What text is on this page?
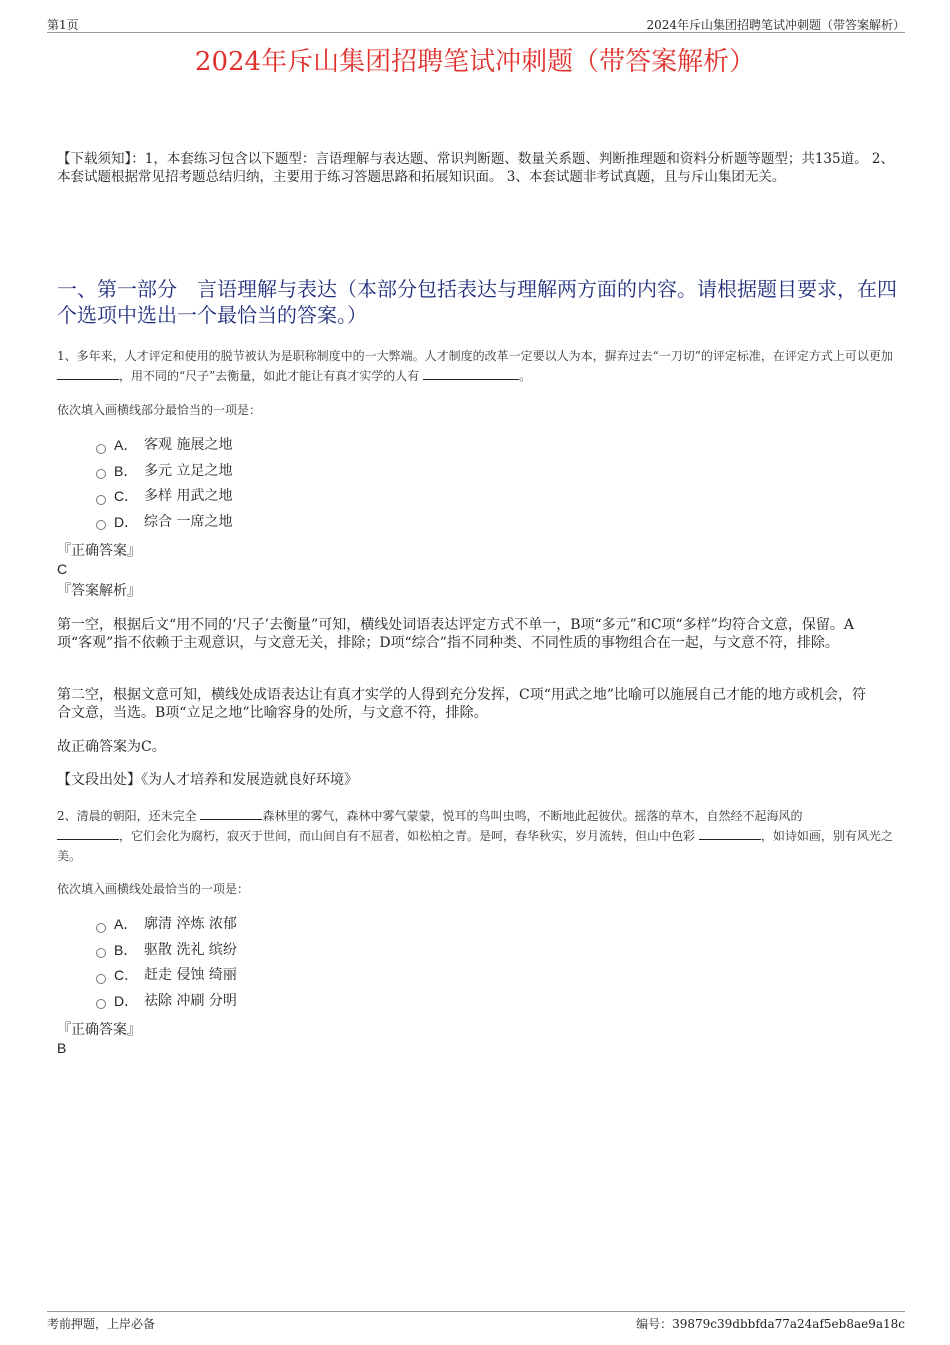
第1页	2024年斥山集团招聘笔试冲刺题（带答案解析）
2024年斥山集团招聘笔试冲刺题（带答案解析）
【下载须知】：1，本套练习包含以下题型：言语理解与表达题、常识判断题、数量关系题、判断推理题和资料分析题等题型；共135道。 2、本套试题根据常见招考题总结归纳，主要用于练习答题思路和拓展知识面。 3、本套试题非考试真题，且与斥山集团无关。
一、第一部分　言语理解与表达（本部分包括表达与理解两方面的内容。请根据题目要求，在四个选项中选出一个最恰当的答案。）
1、多年来，人才评定和使用的脱节被认为是职称制度中的一大弊端。人才制度的改革一定要以人为本，摒弃过去“一刀切”的评定标准，在评定方式上可以更加 ，用不同的“尺子”去衡量，如此才能让有真才实学的人有	。
依次填入画横线部分最恰当的一项是：
A． 客观 施展之地
B． 多元 立足之地
C． 多样 用武之地
D． 综合 一席之地
『正确答案』
C
『答案解析』
第一空，根据后文“用不同的‘尺子’去衡量”可知，横线处词语表达评定方式不单一，B项“多元”和C项“多样”均符合文意，保留。A项“客观”指不依赖于主观意识，与文意无关，排除；D项“综合”指不同种类、不同性质的事物组合在一起，与文意不符，排除。
第二空，根据文意可知，横线处成语表达让有真才实学的人得到充分发挥，C项“用武之地”比喻可以施展自己才能的地方或机会，符合文意，当选。B项“立足之地”比喻容身的处所，与文意不符，排除。
故正确答案为C。
【文段出处】《为人才培养和发展造就良好环境》
2、清晨的朝阳，还未完全	森林里的雾气，森林中雾气蒙蒙，悦耳的鸟叫虫鸣，不断地此起彼伏。摇落的草木，自然经不起海风的
，它们会化为腐朽，寂灭于世间，而山间自有不屈者，如松柏之青。是呵，春华秋实，岁月流转，但山中色彩	，如诗如画，别有风光之美。
依次填入画横线处最恰当的一项是：
A． 廓清 淬炼 浓郁
B． 驱散 洗礼 缤纷
C． 赶走 侵蚀 绮丽
D． 祛除 冲刷 分明
『正确答案』
B
考前押题，上岸必备	编号：39879c39dbbfda77a24af5eb8ae9a18c
